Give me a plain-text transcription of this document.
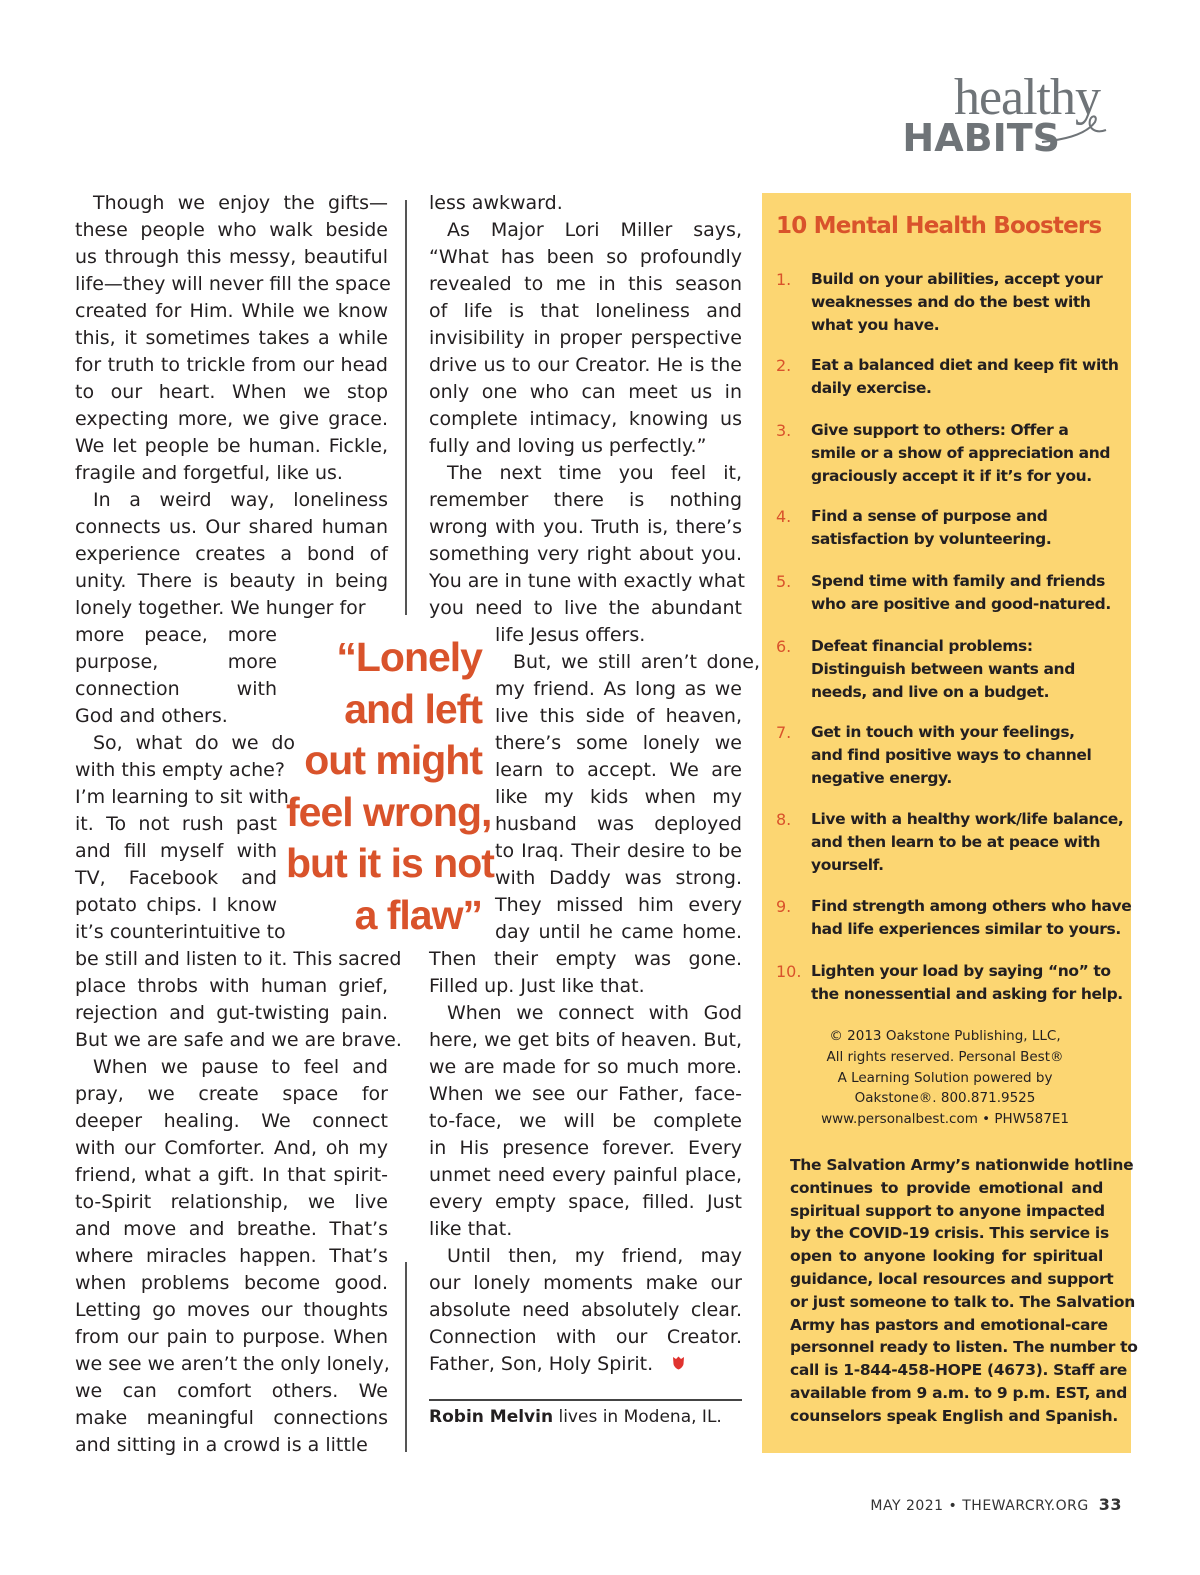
healthy
HABITS
Though we enjoy the gifts—
these people who walk beside
us through this messy, beautiful
life—they will never fill the space
created for Him. While we know
this, it sometimes takes a while
for truth to trickle from our head
to our heart. When we stop
expecting more, we give grace.
We let people be human. Fickle,
fragile and forgetful, like us.
In a weird way, loneliness
connects us. Our shared human
experience creates a bond of
unity. There is beauty in being
lonely together. We hunger for
more peace, more
purpose, more
connection with
God and others.
So, what do we do
with this empty ache?
I’m learning to sit with
it. To not rush past
and fill myself with
TV, Facebook and
potato chips. I know
it’s counterintuitive to
be still and listen to it. This sacred
place throbs with human grief,
rejection and gut-twisting pain.
But we are safe and we are brave.
When we pause to feel and
pray, we create space for
deeper healing. We connect
with our Comforter. And, oh my
friend, what a gift. In that spirit-
to-Spirit relationship, we live
and move and breathe. That’s
where miracles happen. That’s
when problems become good.
Letting go moves our thoughts
from our pain to purpose. When
we see we aren’t the only lonely,
we can comfort others. We
make meaningful connections
and sitting in a crowd is a little
less awkward.
As Major Lori Miller says,
“What has been so profoundly
revealed to me in this season
of life is that loneliness and
invisibility in proper perspective
drive us to our Creator. He is the
only one who can meet us in
complete intimacy, knowing us
fully and loving us perfectly.”
The next time you feel it,
remember there is nothing
wrong with you. Truth is, there’s
something very right about you.
You are in tune with exactly what
you need to live the abundant
life Jesus offers.
But, we still aren’t done,
my friend. As long as we
live this side of heaven,
there’s some lonely we
learn to accept. We are
like my kids when my
husband was deployed
to Iraq. Their desire to be
with Daddy was strong.
They missed him every
day until he came home.
Then their empty was gone.
Filled up. Just like that.
When we connect with God
here, we get bits of heaven. But,
we are made for so much more.
When we see our Father, face-
to-face, we will be complete
in His presence forever. Every
unmet need every painful place,
every empty space, filled. Just
like that.
Until then, my friend, may
our lonely moments make our
absolute need absolutely clear.
Connection with our Creator.
Father, Son, Holy Spirit.
“Lonely
and left
out might
feel wrong,
but it is not
a flaw”
Robin Melvin lives in Modena, IL.
10 Mental Health Boosters
1.	Build on your abilities, accept your
weaknesses and do the best with
what you have.
2.	Eat a balanced diet and keep fit with
daily exercise.
3.	Give support to others: Offer a
smile or a show of appreciation and
graciously accept it if it’s for you.
4.	Find a sense of purpose and
satisfaction by volunteering.
5.	Spend time with family and friends
who are positive and good-natured.
6.	Defeat financial problems:
Distinguish between wants and
needs, and live on a budget.
7.	Get in touch with your feelings,
and find positive ways to channel
negative energy.
8.	Live with a healthy work/life balance,
and then learn to be at peace with
yourself.
9.	Find strength among others who have
had life experiences similar to yours.
10. Lighten your load by saying “no” to
the nonessential and asking for help.
© 2013 Oakstone Publishing, LLC,
All rights reserved. Personal Best®
A Learning Solution powered by
Oakstone®. 800.871.9525
www.personalbest.com • PHW587E1
The Salvation Army’s nationwide hotline
continues to provide emotional and
spiritual support to anyone impacted
by the COVID-19 crisis. This service is
open to anyone looking for spiritual
guidance, local resources and support
or just someone to talk to. The Salvation
Army has pastors and emotional-care
personnel ready to listen. The number to
call is 1-844-458-HOPE (4673). Staff are
available from 9 a.m. to 9 p.m. EST, and
counselors speak English and Spanish.
MAY 2021 • THEWARCRY.ORG 33
